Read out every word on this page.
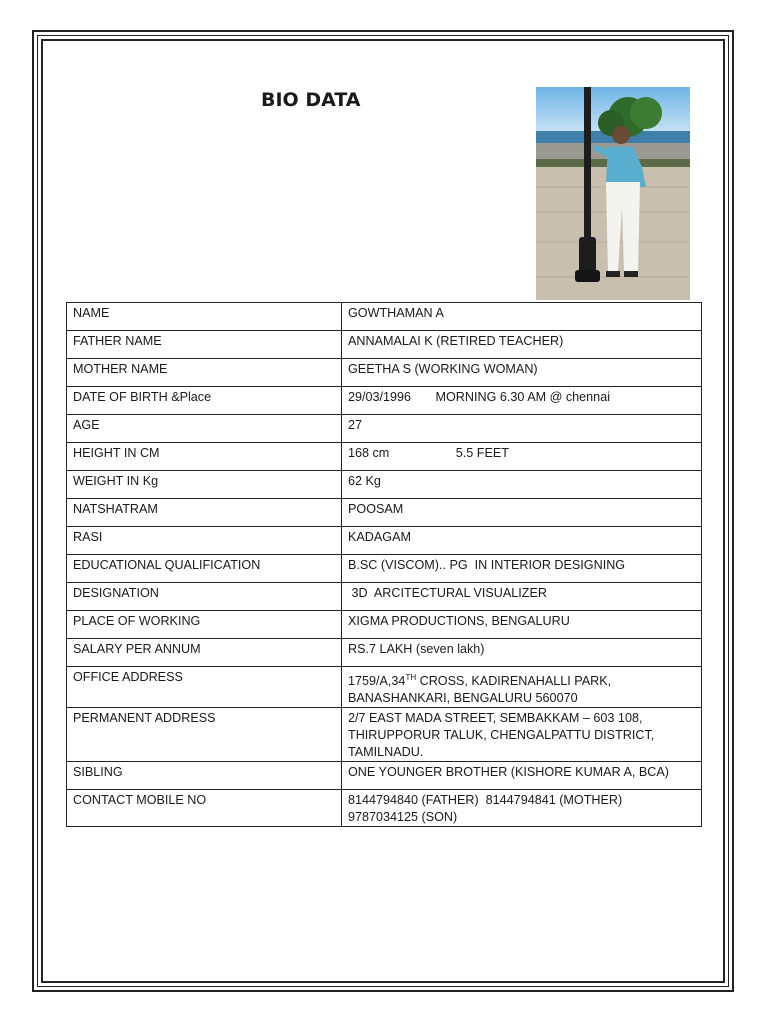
BIO DATA
NAME	GOWTHAMAN A
FATHER NAME	ANNAMALAI K (RETIRED TEACHER)
MOTHER NAME	GEETHA S (WORKING WOMAN)
DATE OF BIRTH &Place	29/03/1996       MORNING 6.30 AM @ chennai
AGE	27
HEIGHT IN CM	168 cm                   5.5 FEET
WEIGHT IN Kg	62 Kg
NATSHATRAM	POOSAM
RASI	KADAGAM
EDUCATIONAL QUALIFICATION	B.SC (VISCOM).. PG  IN INTERIOR DESIGNING
DESIGNATION	3D  ARCITECTURAL VISUALIZER
PLACE OF WORKING	XIGMA PRODUCTIONS, BENGALURU
SALARY PER ANNUM	RS.7 LAKH (seven lakh)
OFFICE ADDRESS	1759/A,34TH CROSS, KADIRENAHALLI PARK,
BANASHANKARI, BENGALURU 560070
PERMANENT ADDRESS	2/7 EAST MADA STREET, SEMBAKKAM – 603 108,
THIRUPPORUR TALUK, CHENGALPATTU DISTRICT,
TAMILNADU.
SIBLING	ONE YOUNGER BROTHER (KISHORE KUMAR A, BCA)
CONTACT MOBILE NO	8144794840 (FATHER)  8144794841 (MOTHER)
9787034125 (SON)
